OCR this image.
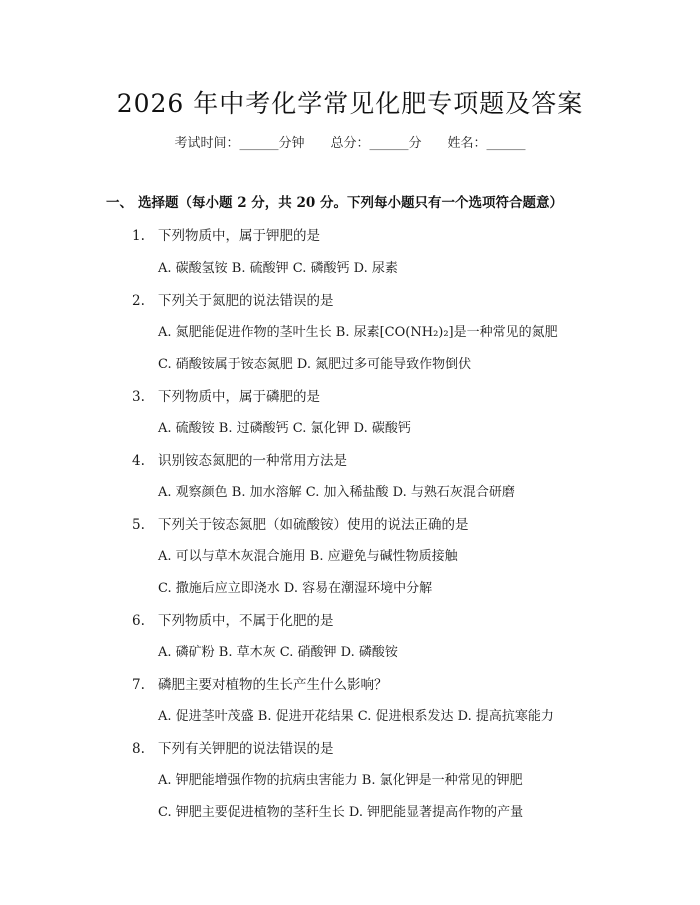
2026 年中考化学常见化肥专项题及答案
考试时间：______分钟 总分：______分 姓名：______
一、 选择题（每小题 2 分，共 20 分。下列每小题只有一个选项符合题意）
1. 下列物质中，属于钾肥的是
A. 碳酸氢铵 B. 硫酸钾 C. 磷酸钙 D. 尿素
2. 下列关于氮肥的说法错误的是
A. 氮肥能促进作物的茎叶生长 B. 尿素[CO(NH₂)₂]是一种常见的氮肥
C. 硝酸铵属于铵态氮肥 D. 氮肥过多可能导致作物倒伏
3. 下列物质中，属于磷肥的是
A. 硫酸铵 B. 过磷酸钙 C. 氯化钾 D. 碳酸钙
4. 识别铵态氮肥的一种常用方法是
A. 观察颜色 B. 加水溶解 C. 加入稀盐酸 D. 与熟石灰混合研磨
5. 下列关于铵态氮肥（如硫酸铵）使用的说法正确的是
A. 可以与草木灰混合施用 B. 应避免与碱性物质接触
C. 撒施后应立即浇水 D. 容易在潮湿环境中分解
6. 下列物质中，不属于化肥的是
A. 磷矿粉 B. 草木灰 C. 硝酸钾 D. 磷酸铵
7. 磷肥主要对植物的生长产生什么影响？
A. 促进茎叶茂盛 B. 促进开花结果 C. 促进根系发达 D. 提高抗寒能力
8. 下列有关钾肥的说法错误的是
A. 钾肥能增强作物的抗病虫害能力 B. 氯化钾是一种常见的钾肥
C. 钾肥主要促进植物的茎秆生长 D. 钾肥能显著提高作物的产量
